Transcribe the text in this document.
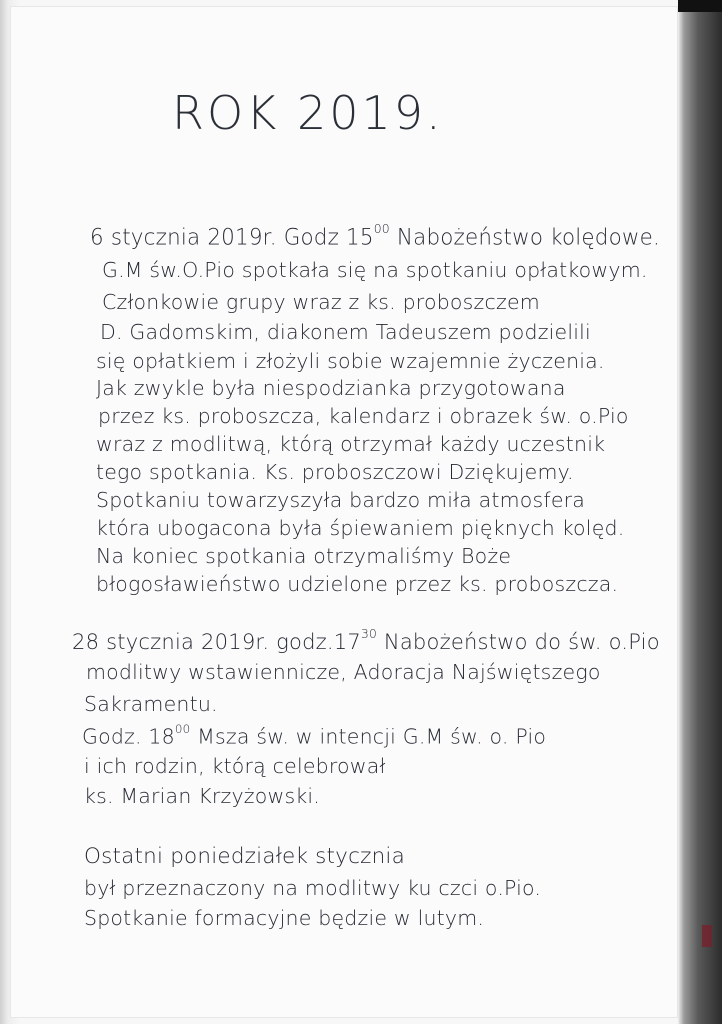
ROK 2019.
6 stycznia 2019r. Godz $15^{00}$ Nabożeństwo kolędowe.
G.M św.O.Pio spotkała się na spotkaniu opłatkowym.
Członkowie grupy wraz z ks. proboszczem
D. Gadomskim, diakonem Tadeuszem podzielili
się opłatkiem i złożyli sobie wzajemnie życzenia.
Jak zwykle była niespodzianka przygotowana
przez ks. proboszcza, kalendarz i obrazek św. o.Pio
wraz z modlitwą, którą otrzymał każdy uczestnik
tego spotkania. Ks. proboszczowi Dziękujemy.
Spotkaniu towarzyszyła bardzo miła atmosfera
która ubogacona była śpiewaniem pięknych kolęd.
Na koniec spotkania otrzymaliśmy Boże
błogosławieństwo udzielone przez ks. proboszcza.
28 stycznia 2019r. $godz.17^{30}$ Nabożeństwo do św. o.Pio
modlitwy wstawiennicze, Adoracja Najświętszego
Sakramentu.
Godz. $18^{00}$ Msza św. w intencji G.M św. o. Pio
i ich rodzin, którą celebrował
ks. Marian Krzyżowski.
Ostatni poniedziałek stycznia
był przeznaczony na modlitwy ku czci o.Pio.
Spotkanie formacyjne będzie w lutym.
